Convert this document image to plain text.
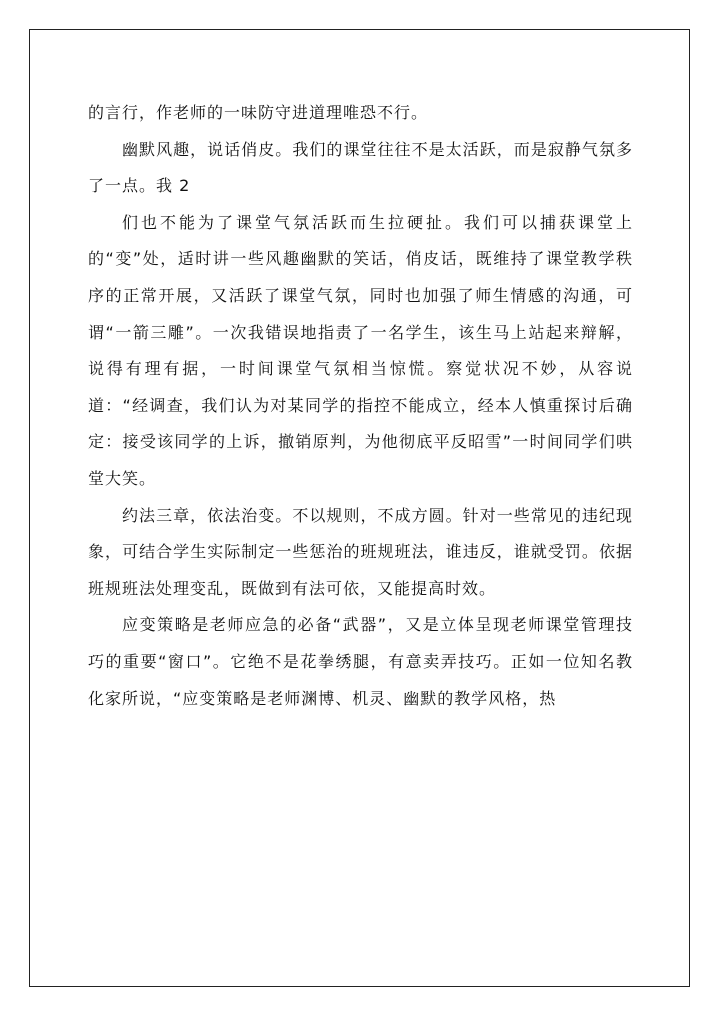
的言行，作老师的一味防守进道理唯恐不行。

幽默风趣，说话俏皮。我们的课堂往往不是太活跃，而是寂静气氛多了一点。我 2

们也不能为了课堂气氛活跃而生拉硬扯。我们可以捕获课堂上的“变”处，适时讲一些风趣幽默的笑话，俏皮话，既维持了课堂教学秩序的正常开展，又活跃了课堂气氛，同时也加强了师生情感的沟通，可谓“一箭三雕”。一次我错误地指责了一名学生，该生马上站起来辩解，说得有理有据，一时间课堂气氛相当惊慌。察觉状况不妙，从容说道：“经调查，我们认为对某同学的指控不能成立，经本人慎重探讨后确定：接受该同学的上诉，撤销原判，为他彻底平反昭雪”一时间同学们哄堂大笑。

约法三章，依法治变。不以规则，不成方圆。针对一些常见的违纪现象，可结合学生实际制定一些惩治的班规班法，谁违反，谁就受罚。依据班规班法处理变乱，既做到有法可依，又能提高时效。

应变策略是老师应急的必备“武器”，又是立体呈现老师课堂管理技巧的重要“窗口”。它绝不是花拳绣腿，有意卖弄技巧。正如一位知名教化家所说，“应变策略是老师渊博、机灵、幽默的教学风格，热
